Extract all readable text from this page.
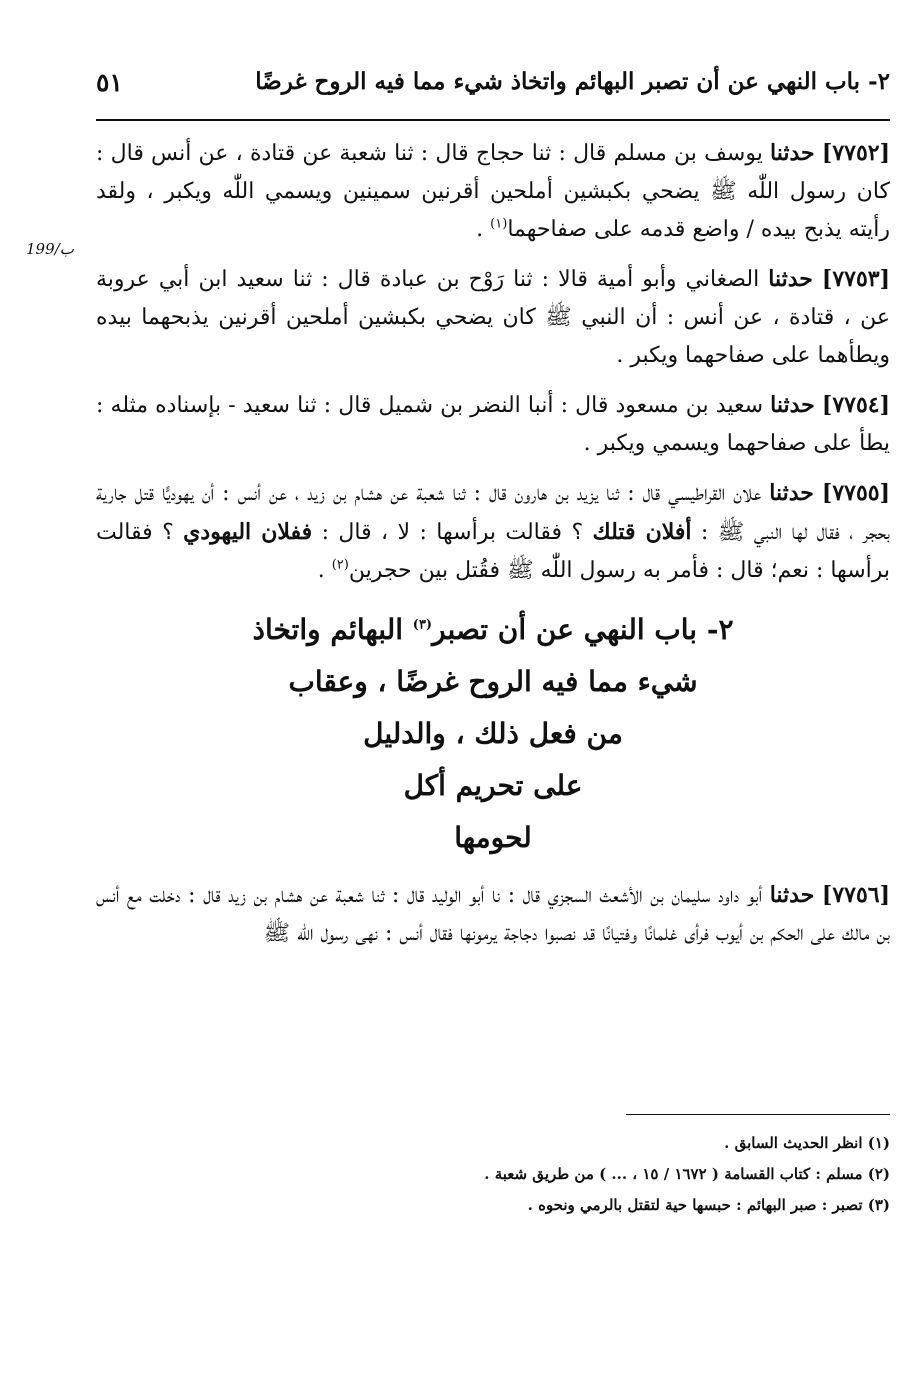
٢- باب النهي عن أن تصبر البهائم واتخاذ شيء مما فيه الروح غرضًا
٥١
199/ب

[٧٧٥٢] حدثنا يوسف بن مسلم قال : ثنا حجاج قال : ثنا شعبة عن قتادة ، عن أنس قال : كان رسول اللّٰه ﷺ يضحي بكبشين أملحين أقرنين سمينين ويسمي اللّٰه ويكبر ، ولقد رأيته يذبح بيده / واضع قدمه على صفاحهما$^{(١)}$ .

[٧٧٥٣] حدثنا الصغاني وأبو أمية قالا : ثنا رَوْح بن عبادة قال : ثنا سعيد ابن أبي عروبة عن ، قتادة ، عن أنس : أن النبي ﷺ كان يضحي بكبشين أملحين أقرنين يذبحهما بيده ويطأهما على صفاحهما ويكبر .

[٧٧٥٤] حدثنا سعيد بن مسعود قال : أنبا النضر بن شميل قال : ثنا سعيد - بإسناده مثله : يطأ على صفاحهما ويسمي ويكبر .

[٧٧٥٥] حدثنا علان القراطيسي قال : ثنا يزيد بن هارون قال : ثنا شعبة عن هشام بن زيد ، عن أنس : أن يهوديًّا قتل جارية بحجر ، فقال لها النبي ﷺ : أفلان قتلك ؟ فقالت برأسها : لا ، قال : ففلان اليهودي ؟ فقالت برأسها : نعم؛ قال : فأمر به رسول اللّٰه ﷺ فقُتل بين حجرين$^{(٢)}$ .

٢- باب النهي عن أن تصبر$^{(٣)}$ البهائم واتخاذ
شيء مما فيه الروح غرضًا ، وعقاب
من فعل ذلك ، والدليل
على تحريم أكل
لحومها

[٧٧٥٦] حدثنا أبو داود سليمان بن الأشعث السجزي قال : نا أبو الوليد قال : ثنا شعبة عن هشام بن زيد قال : دخلت مع أنس بن مالك على الحكم بن أيوب فرأى غلمانًا وفتيانًا قد نصبوا دجاجة يرمونها فقال أنس : نهى رسول اللّٰه ﷺ

(١) انظر الحديث السابق .
(٢) مسلم : كتاب القسامة ( ١٦٧٢ / ١٥ ، ... ) من طريق شعبة .
(٣) تصبر : صبر البهائم : حبسها حية لتقتل بالرمي ونحوه .
